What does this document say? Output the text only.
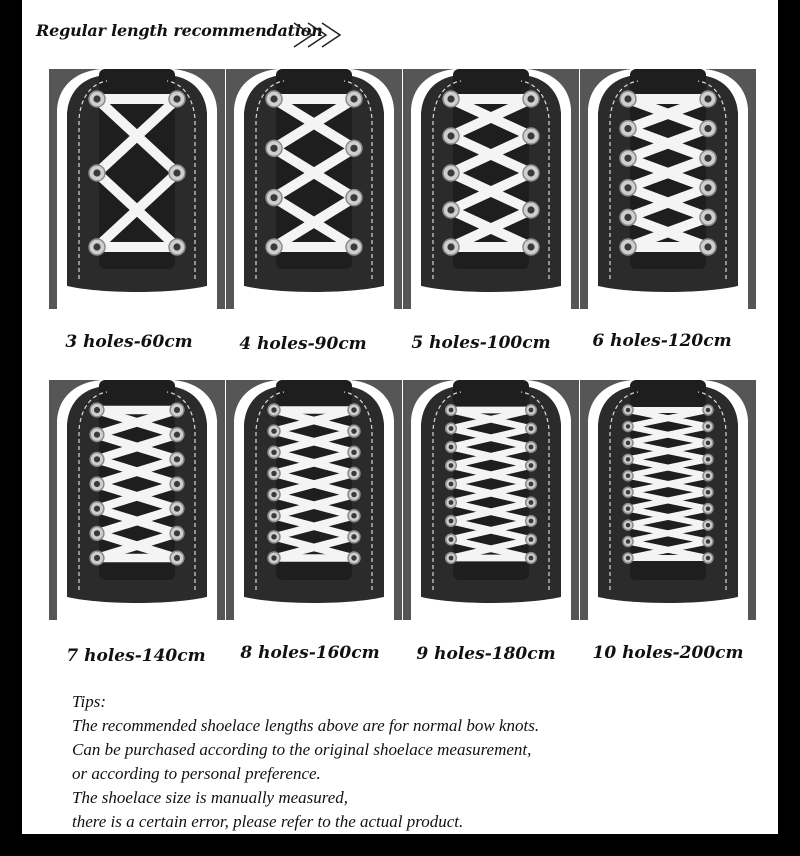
Regular length recommendation
3 holes-60cm	4 holes-90cm	5 holes-100cm	6 holes-120cm
7 holes-140cm	8 holes-160cm	9 holes-180cm	10 holes-200cm
Tips:
The recommended shoelace lengths above are for normal bow knots.
Can be purchased according to the original shoelace measurement,
or according to personal preference.
The shoelace size is manually measured,
there is a certain error, please refer to the actual product.
